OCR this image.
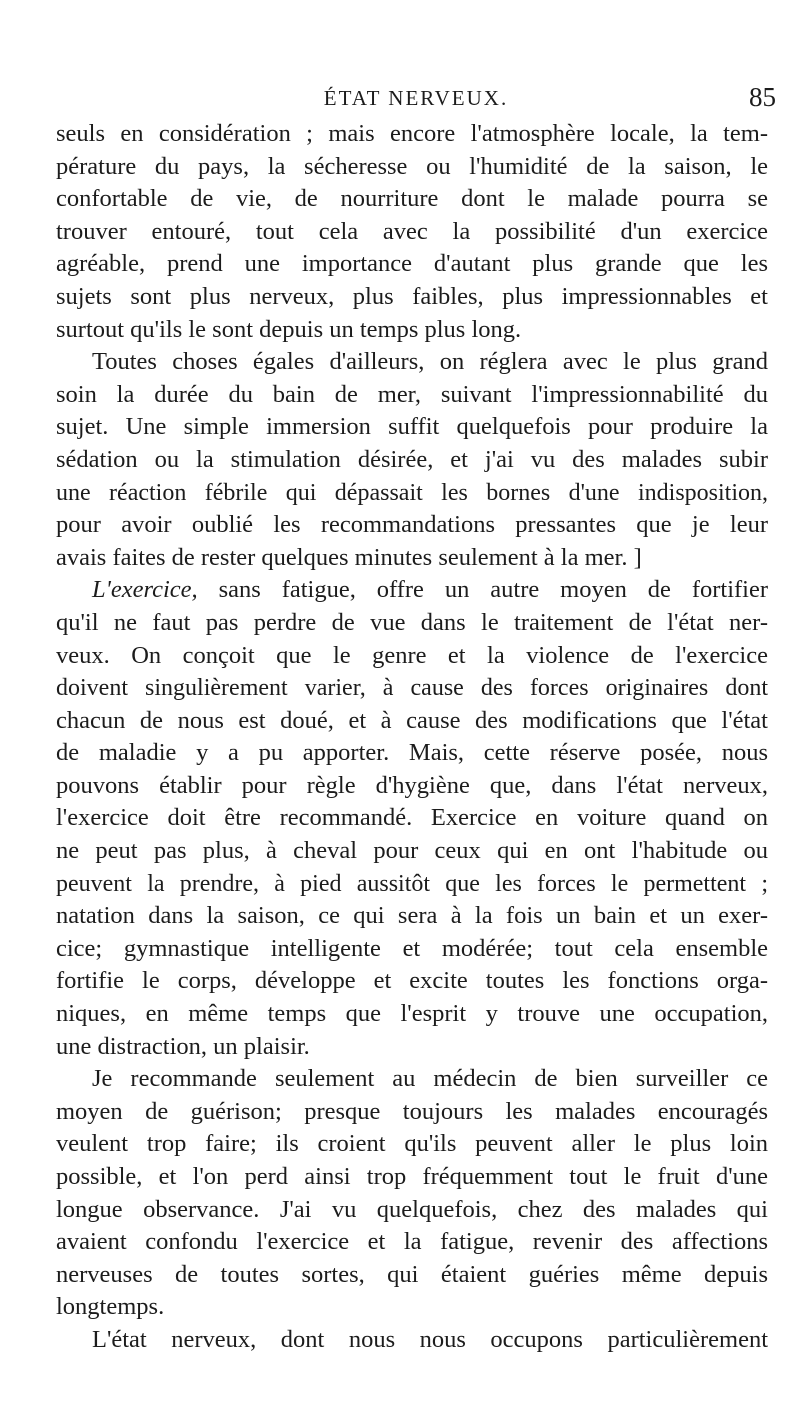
ÉTAT NERVEUX.	85
seuls en considération ; mais encore l'atmosphère locale, la tem-
pérature du pays, la sécheresse ou l'humidité de la saison, le
confortable de vie, de nourriture dont le malade pourra se
trouver entouré, tout cela avec la possibilité d'un exercice
agréable, prend une importance d'autant plus grande que les
sujets sont plus nerveux, plus faibles, plus impressionnables et
surtout qu'ils le sont depuis un temps plus long.
Toutes choses égales d'ailleurs, on réglera avec le plus grand
soin la durée du bain de mer, suivant l'impressionnabilité du
sujet. Une simple immersion suffit quelquefois pour produire la
sédation ou la stimulation désirée, et j'ai vu des malades subir
une réaction fébrile qui dépassait les bornes d'une indisposition,
pour avoir oublié les recommandations pressantes que je leur
avais faites de rester quelques minutes seulement à la mer. ]
L'exercice, sans fatigue, offre un autre moyen de fortifier
qu'il ne faut pas perdre de vue dans le traitement de l'état ner-
veux. On conçoit que le genre et la violence de l'exercice
doivent singulièrement varier, à cause des forces originaires dont
chacun de nous est doué, et à cause des modifications que l'état
de maladie y a pu apporter. Mais, cette réserve posée, nous
pouvons établir pour règle d'hygiène que, dans l'état nerveux,
l'exercice doit être recommandé. Exercice en voiture quand on
ne peut pas plus, à cheval pour ceux qui en ont l'habitude ou
peuvent la prendre, à pied aussitôt que les forces le permettent ;
natation dans la saison, ce qui sera à la fois un bain et un exer-
cice; gymnastique intelligente et modérée; tout cela ensemble
fortifie le corps, développe et excite toutes les fonctions orga-
niques, en même temps que l'esprit y trouve une occupation,
une distraction, un plaisir.
Je recommande seulement au médecin de bien surveiller ce
moyen de guérison; presque toujours les malades encouragés
veulent trop faire; ils croient qu'ils peuvent aller le plus loin
possible, et l'on perd ainsi trop fréquemment tout le fruit d'une
longue observance. J'ai vu quelquefois, chez des malades qui
avaient confondu l'exercice et la fatigue, revenir des affections
nerveuses de toutes sortes, qui étaient guéries même depuis
longtemps.
L'état nerveux, dont nous nous occupons particulièrement
